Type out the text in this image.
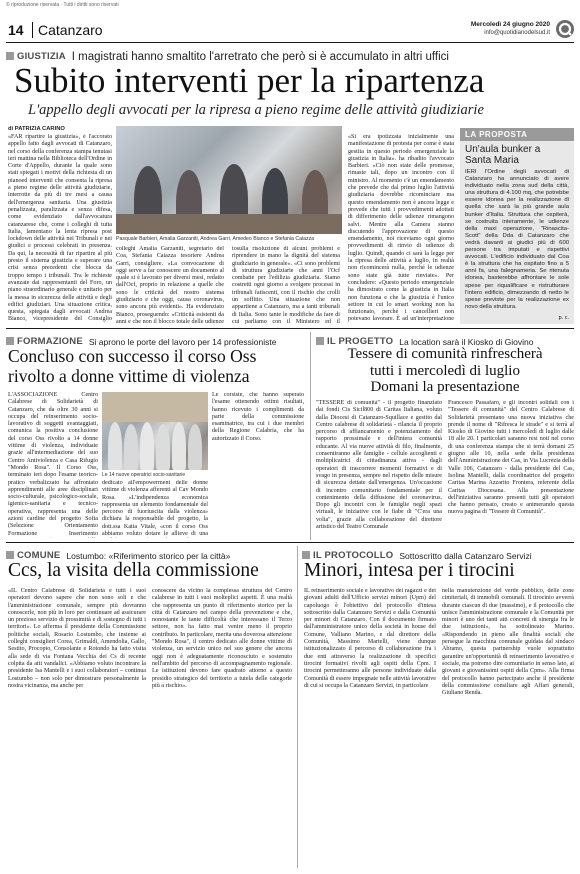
© riproduzione riservata · Tutti i diritti sono riservati
14 Catanzaro	Mercoledì 24 giugno 2020
info@quotidianodelsud.it
GIUSTIZIA I magistrati hanno smaltito l'arretrato che però si è accumulato in altri uffici
Subito interventi per la ripartenza
L'appello degli avvocati per la ripresa a pieno regime delle attività giudiziarie
di PATRIZIA CARINO
«FAR ripartire la giustizia», è l'accorato appello fatto dagli avvocati di Catanzaro, nel corso della conferenza stampa tenutasi ieri mattina nella Biblioteca dell'Ordine in Corte d'Appello, durante la quale sono stati spiegati i motivi della richiesta di un pianoed interventi che consenta la ripresa a pieno regime delle attività giudiziarie, interrotte da più di tre mesi a causa dell'emergenza sanitaria. Una giustizia penalizzata, paralizzata e senza difesa, come evidenziato dall'avvocatura catanzarese che, come i colleghi di tutta Italia, lamentano la lenta ripresa post lockdown delle attività nei Tribunali e nei giudici e processi celebrati in presenza. Da qui, la necessità di far ripartire al più presto il sistema giustizia e superare una crisi senza precedenti che blocca da troppo tempo i tribunali. Tra le richieste avanzate dai rappresentanti del Foro, un piano straordinario generale e unitario per la messa in sicurezza delle attività e degli edifici giudiziari. Una situazione critica, questa, spiegata dagli avvocati Andrea Bianco, vicepresidente del Consiglio
Pasquale Barbieri, Amalia Garzaniti, Andrea Garri, Amedeo Bianco e Stefania Caiazza
colleghi Amalia Garzaniti, segretario del Coa, Stefania Caiazza tesoriere Andrea Garri, consigliere. «La convocazione di oggi serve a far conoscere un documento al quale si è lavorato per diversi mesi, redatto dall'Ocf, proprio in relazione a quelle che sono le criticità del nostro sistema giudiziario e che oggi, causa coronavirus, sono ancora più evidenti». Ha evidenziato Bianco, proseguendo: «Criticità esistenti da anni e che non il blocco totale delle udienze
tosulla risoluzione di alcuni problemi e riprendere in mano la dignità del sistema giudiziario in generale». «Ci sono problemi di struttura giudiziarie che anni l'Ocf combatte per l'edilizia giudiziaria. Siamo costretti ogni giorno a svolgere processi in tribunali fatiscenti, con il rischio che crolli un soffitto. Una situazione che non appartiene a Catanzaro, ma a tanti tribunali di Italia. Sono tante le modifiche da fare di cui parliamo con il Ministero ed il
«Si era ipotizzata inizialmente una manifestazione di protesta per come è stata gestita in questo periodo emergenziale la giustizia in Italia». ha ribadito l'avvocato Barbieri. «Ciò non state delle promesse, rimaste tali, dopo un incontro con il ministro. Al momento c'è un emendamento che prevede che dal primo luglio l'attività giudiziaria dovrebbe ricominciare ma questo emendamento non è ancora legge e prevede che tutti i provvedimenti adottati di differimento delle udienze rimangono salvi. Mentre alla Camera stanno discutendo l'approvazione di questo emendamento, noi riceviamo ogni giorno provvedimenti di rinvio di udienze di luglio. Quindi, quando ci sarà la legge per la ripresa delle attività a luglio, in realtà non ricomincerà nulla, perché le udienze sono state già tutte rinviate». Per concludere: «Questo periodo emergenziale ha dimostrato come la giustizia in Italia non funziona e che la giustizia è l'unico settore in cui lo smart working non ha funzionato, perché i cancellieri non potevano lavorare. È ad un'interpretazione
LA PROPOSTA
Un'aula bunker a Santa Maria
IERI l'Ordine degli avvocati di Catanzaro ha annunciato di avere individuato nella zona sud della città, una struttura di 4.100 mq, che potrebbe essere idonea per la realizzazione di quella che sarà la più grande aula bunker d'Italia. Struttura che ospiterà, se costruita interamente, le udienze della maxi operazione, "Rinascita-Scott" della Dda di Catanzaro che vedrà davanti ai giudici più di 600 persone tra imputati e rispettivi avvocati. L'edificio individuato dal Coa è la struttura che ha ospitato fino a 5 anni fa, una falegnameria. Se ritenuta idonea, basterebbe affrontare le sole spese per riqualificare e ristrutturare l'intero edificio, dimezzando di netto le spese previste per la realizzazione ex novo della struttura.
p. c.
FORMAZIONE Si aprono le porte del lavoro per 14 professioniste
Concluso con successo il corso Oss
rivolto a donne vittime di violenza
L'ASSOCIAZIONE Centro Calabrese di Solidarietà di Catanzaro, che da oltre 30 anni si occupa del reinserimento socio-lavorativo di soggetti svantaggiati, comunica la positiva conclusione del corso Oss rivolto a 14 donne vittime di violenza, individuate grazie all'intermediazione del suo Centro Antiviolenza e Casa Rifugio "Mondo Rosa". Il Corso Oss, terminato ieri dopo l'esame teorico-pratico verbalizzato ha affrontato apprendimenti alle aree disciplinari socio-culturale, psicologico-sociale, igienico-sanitaria e tecnico-operativa, rappresenta una delle azioni cardine del progetto Sofia (Selezione Orientamento Formazione Inserimento
Le 14 nuove operatrici socio-sanitarie
dedicato all'empowerment delle donne vittime di violenza afferenti al Cav Mondo Rosa. «L'indipendenza economica rappresenta un elemento fondamentale del percorso di fuoriuscita dalla violenza» dichiara la responsabile del progetto, la dott.ssa Katia Vitale, «con il corso Oss abbiamo voluto dotare le allieve di una
Le corsiste, che hanno superato l'esame ottenendo ottimi risultati, hanno ricevuto i complimenti da parte della commissione esaminatrice, tra cui i due membri della Regione Calabria, che ha autorizzato il Corso.
IL PROGETTO La location sarà il Kiosko di Giovino
Tessere di comunità rinfrescherà
tutti i mercoledì di luglio
Domani la presentazione
"TESSERE di comunità" - il progetto finanziato dai fondi Cis Sicil800 di Caritas Italiana, voluto dalla Diocesi di Catanzaro-Squillace e gestito dal Centro calabrese di solidarietà - rilancia il proprio percorso di affiancamento e potenziamento del rapporto prossimale e dell'intera comunità educante. Al via nuove attività di filo, finalmente, consentiranno alle famiglie - cellule accoglienti e moltiplicatrici di cittadinanza attiva - dagli operatori di trascorrere momenti formativi e di svago in presenza, sempre nel rispetto delle misure di sicurezza dettate dall'emergenza. Un'occasione di incontro comunitario fondamentale per il contenimento della diffusione del coronavirus. Dopo gli incontri con le famiglie negli spazi virtuali, le iniziative con le fiabe di "C'era una volta", grazie alla collaborazione del direttore artistico del Teatro Comunale
Francesco Passafaro, e gli incontri solidali con i "Tessere di comunità" del Centro Calabrese di Solidarietà presentano una nuova iniziativa che prende il nome di "Rifresca le strade" e si terrà al Kiosko di Giovino tutti i mercoledì di luglio dalle 18 alle 20. I particolari saranno resi noti nel corso di una conferenza stampa che si terrà domani 25 giugno alle 10, nella sede della presidenza dell'Amministrazione dei Cas, in Via Lucrezia della Valle 106, Catanzaro - dalla presidente del Cas, Isolina Mantelli, dalla coordinatrice del progetto Caritas Marina Azzarito Frontera, referente della Caritas Diocesana. Alla presentazione dell'iniziativa saranno presenti tutti gli operatori che hanno pensato, creato e animerando questa nuova pagina di "Tessere di Comunità".
COMUNE Lostumbo: «Riferimento storico per la città»
Ccs, la visita della commissione
«IL Centro Calabrese di Solidarietà e tutti i suoi operatori devono sapere che non sono soli e che l'amministrazione comunale, sempre più dovranno conoscerle, non più in loro per continuare ad assicurare un prezioso servizio di prossimità e di sostegno di tutti i territori». Lo afferma il presidente della Commissione politiche sociali, Rosario Lostumbo, che insieme ai colleghi consiglieri Corea, Grimaldi, Amendolia, Gallo, Sestito, Procopio, Consolante e Rotondo ha fatto visita alla sede di via Fontana Vecchia dei Cs di recente colpita da atti vandalici. «Abbiamo voluto incontrare la presidente Isa Mantelli e i suoi collaboratori – continua Lostumbo – non solo per dimostrare personalmente la nostra vicinanza, ma anche per
conoscere da vicino la complessa struttura del Centro calabrese in tutti i suoi molteplici aspetti. È una realtà che rappresenta un punto di riferimento storico per la città di Catanzaro nel campo della prevenzione e che, nonostante le tante difficoltà che interessano il Terzo settore, non ha fatto mai venire meno il proprio contributo. In particolare, merita una doverosa attenzione "Mondo Rosa", il centro dedicato alle donne vittime di violenza, un servizio unico nel suo genere che ancora oggi non è adeguatamente riconosciuto e sostenuto nell'ambito del percorso di accompagnamento regionale. Le istituzioni devono fare quadrato attorno a questo presidio strategico del territorio a tutela delle categorie più a rischio».
IL PROTOCOLLO Sottoscritto dalla Catanzaro Servizi
Minori, intesa per i tirocini
IL reinserimento sociale e lavorativo dei ragazzi e dei giovani adulti dell'Ufficio servizi minori (Upm) del capoluogo è l'obiettivo del protocollo d'intesa sottoscritto dalla Catanzaro Servizi e dalla Comunità per minori di Catanzaro. Con il documento firmato dall'amministratore unico della società in house del Comune, Valliano Marino, e dal direttore della Comunità, Massimo Martelli, viene dunque istituzionalizzato il percorso di collaborazione fra i due enti attraverso la realizzazione di specifici tirocini formativi rivolti agli ospiti della Cpm. I tirocini permetteranno alle persone individuate dalla Comunità di essere impegnate nelle attività lavorative di cui si occupa la Catanzaro Servizi, in particolare
nella manutenzione del verde pubblico, delle zone cimiteriali, di immobili comunali. Il tirocinio avverrà durante ciascun di due (massimo), e il protocollo che unisce l'amministrazione comunale e la Comunità per minori è uno dei tanti atti concreti di sinergia fra le due istituzioni», ha sottolineato Marino. «Rispondendo in pieno alle finalità sociali che persegue la macchina comunale guidata dal sindaco Abramo, questa partnership vuole soprattutto garantire un'opportunità di reinserimento lavorativo e sociale, ma potremo dire comunitario in senso lato, ai giovani e giovanissimi ospiti della Cpm». Alla firma del protocollo hanno partecipato anche il presidente della commissione consiliare agli Affari generali, Giuliano Renda.
